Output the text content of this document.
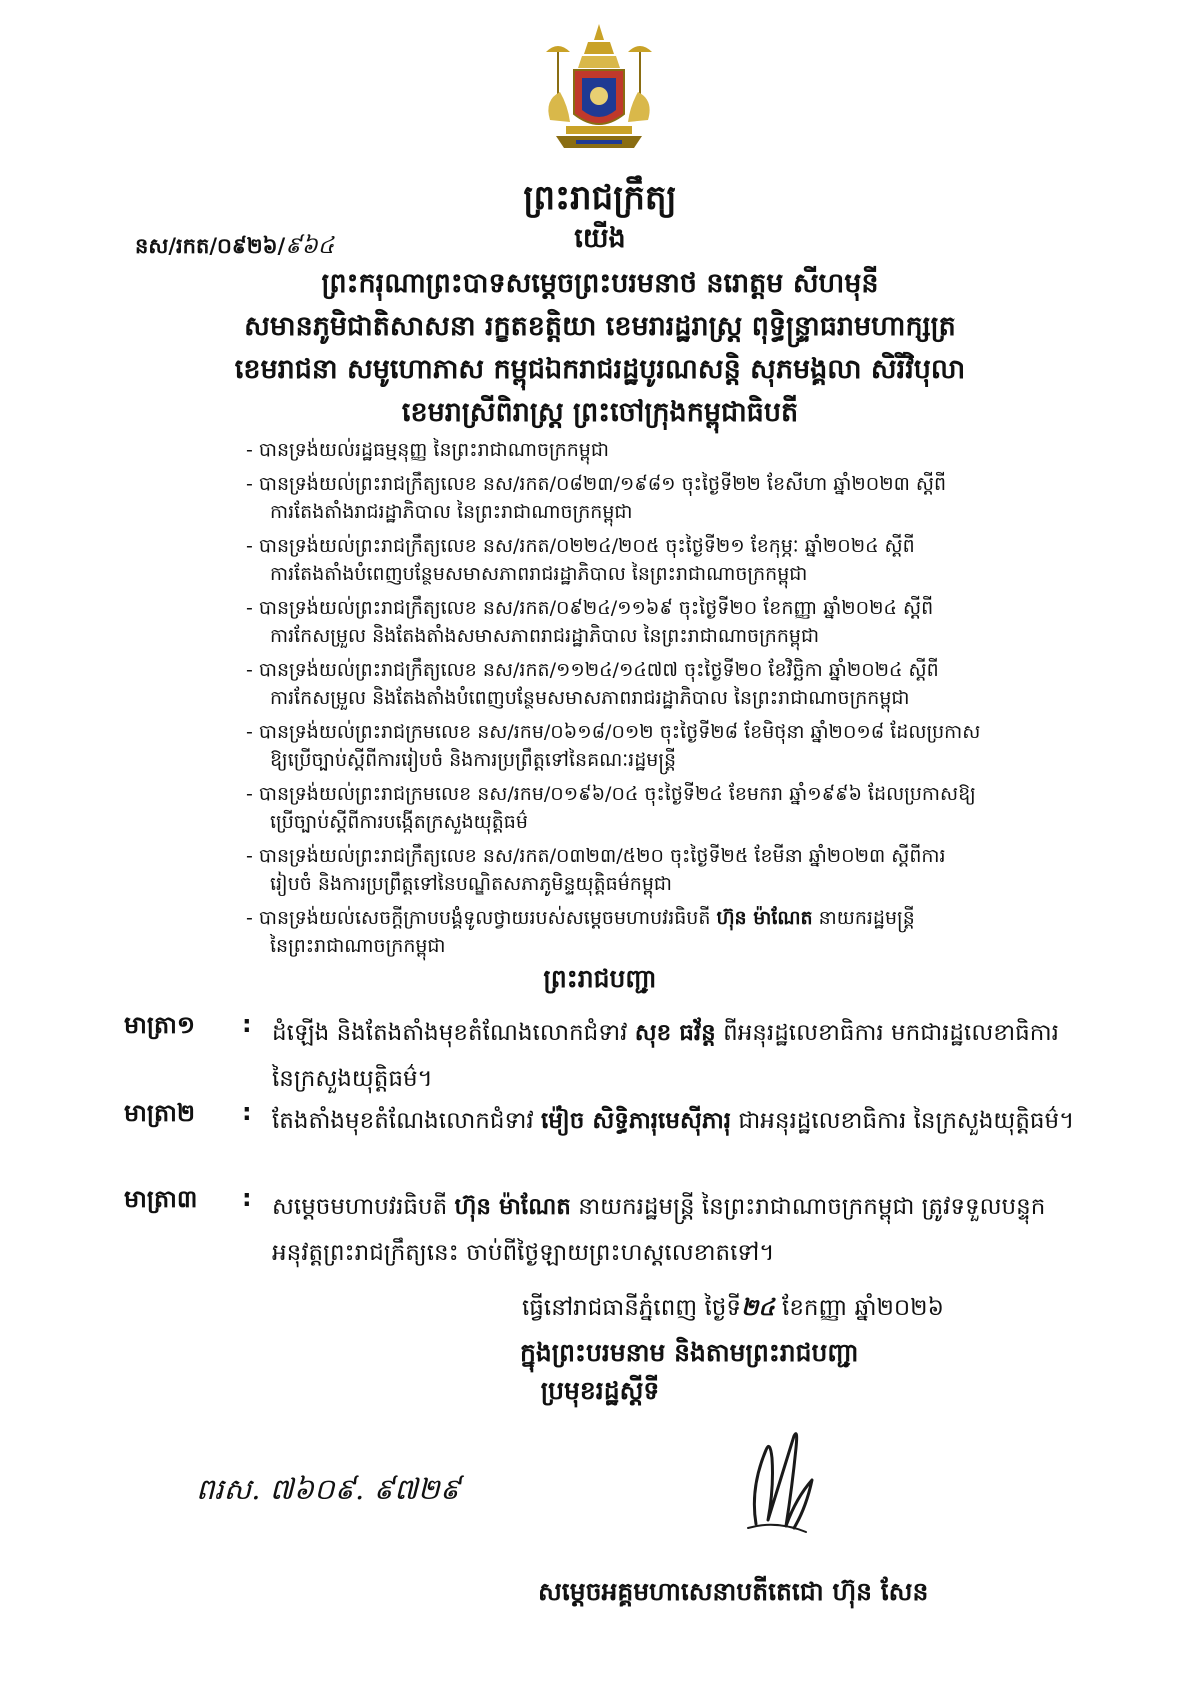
ព្រះរាជក្រឹត្យ
នស/រកត/០៩២៦/៩៦៤	យើង
ព្រះករុណាព្រះបាទសម្ដេចព្រះបរមនាថ នរោត្តម សីហមុនី
សមានភូមិជាតិសាសនា រក្ខតខត្តិយា ខេមរារដ្ឋរាស្ត្រ ពុទ្ធិន្ទ្រាធរាមហាក្សត្រ
ខេមរាជនា សមូហោភាស កម្ពុជឯករាជរដ្ឋបូរណសន្តិ សុភមង្គលា សិរីវិបុលា
ខេមរាស្រីពិរាស្ត្រ ព្រះចៅក្រុងកម្ពុជាធិបតី
- បានទ្រង់យល់រដ្ឋធម្មនុញ្ញ នៃព្រះរាជាណាចក្រកម្ពុជា
- បានទ្រង់យល់ព្រះរាជក្រឹត្យលេខ នស/រកត/០៨២៣/១៩៨១ ចុះថ្ងៃទី២២ ខែសីហា ឆ្នាំ២០២៣ ស្តីពី
ការតែងតាំងរាជរដ្ឋាភិបាល នៃព្រះរាជាណាចក្រកម្ពុជា
- បានទ្រង់យល់ព្រះរាជក្រឹត្យលេខ នស/រកត/០២២៤/២០៥ ចុះថ្ងៃទី២១ ខែកុម្ភៈ ឆ្នាំ២០២៤ ស្តីពី
ការតែងតាំងបំពេញបន្ថែមសមាសភាពរាជរដ្ឋាភិបាល នៃព្រះរាជាណាចក្រកម្ពុជា
- បានទ្រង់យល់ព្រះរាជក្រឹត្យលេខ នស/រកត/០៩២៤/១១៦៩ ចុះថ្ងៃទី២០ ខែកញ្ញា ឆ្នាំ២០២៤ ស្តីពី
ការកែសម្រួល និងតែងតាំងសមាសភាពរាជរដ្ឋាភិបាល នៃព្រះរាជាណាចក្រកម្ពុជា
- បានទ្រង់យល់ព្រះរាជក្រឹត្យលេខ នស/រកត/១១២៤/១៤៧៧ ចុះថ្ងៃទី២០ ខែវិច្ឆិកា ឆ្នាំ២០២៤ ស្តីពី
ការកែសម្រួល និងតែងតាំងបំពេញបន្ថែមសមាសភាពរាជរដ្ឋាភិបាល នៃព្រះរាជាណាចក្រកម្ពុជា
- បានទ្រង់យល់ព្រះរាជក្រមលេខ នស/រកម/០៦១៨/០១២ ចុះថ្ងៃទី២៨ ខែមិថុនា ឆ្នាំ២០១៨ ដែលប្រកាស
ឱ្យប្រើច្បាប់ស្តីពីការរៀបចំ និងការប្រព្រឹត្តទៅនៃគណៈរដ្ឋមន្ត្រី
- បានទ្រង់យល់ព្រះរាជក្រមលេខ នស/រកម/០១៩៦/០៤ ចុះថ្ងៃទី២៤ ខែមករា ឆ្នាំ១៩៩៦ ដែលប្រកាសឱ្យ
ប្រើច្បាប់ស្តីពីការបង្កើតក្រសួងយុត្តិធម៌
- បានទ្រង់យល់ព្រះរាជក្រឹត្យលេខ នស/រកត/០៣២៣/៥២០ ចុះថ្ងៃទី២៥ ខែមីនា ឆ្នាំ២០២៣ ស្តីពីការ
រៀបចំ និងការប្រព្រឹត្តទៅនៃបណ្ឌិតសភាភូមិន្ទយុត្តិធម៌កម្ពុជា
- បានទ្រង់យល់សេចក្តីក្រាបបង្គំទូលថ្វាយរបស់សម្តេចមហាបវរធិបតី ហ៊ុន ម៉ាណែត នាយករដ្ឋមន្ត្រី
នៃព្រះរាជាណាចក្រកម្ពុជា
ព្រះរាជបញ្ជា
មាត្រា១ : ដំឡើង និងតែងតាំងមុខតំណែងលោកជំទាវ សុខ ធវ័ន្ត ពីអនុរដ្ឋលេខាធិការ មកជារដ្ឋលេខាធិការ នៃក្រសួងយុត្តិធម៌។
មាត្រា២ : តែងតាំងមុខតំណែងលោកជំទាវ ម៉ៀច សិទ្ធិភារុមេស៊ីភារុ ជាអនុរដ្ឋលេខាធិការ នៃក្រសួងយុត្តិធម៌។
មាត្រា៣ : សម្តេចមហាបវរធិបតី ហ៊ុន ម៉ាណែត នាយករដ្ឋមន្ត្រី នៃព្រះរាជាណាចក្រកម្ពុជា ត្រូវទទួលបន្ទុកអនុវត្តព្រះរាជក្រឹត្យនេះ ចាប់ពីថ្ងៃឡាយព្រះហស្តលេខាតទៅ។
ធ្វើនៅរាជធានីភ្នំពេញ ថ្ងៃទី២៤ ខែកញ្ញា ឆ្នាំ២០២៦
ក្នុងព្រះបរមនាម និងតាមព្រះរាជបញ្ជា
ប្រមុខរដ្ឋស្តីទី
ពរស. ៧៦០៩. ៩៧២៩
សម្តេចអគ្គមហាសេនាបតីតេជោ ហ៊ុន សែន
